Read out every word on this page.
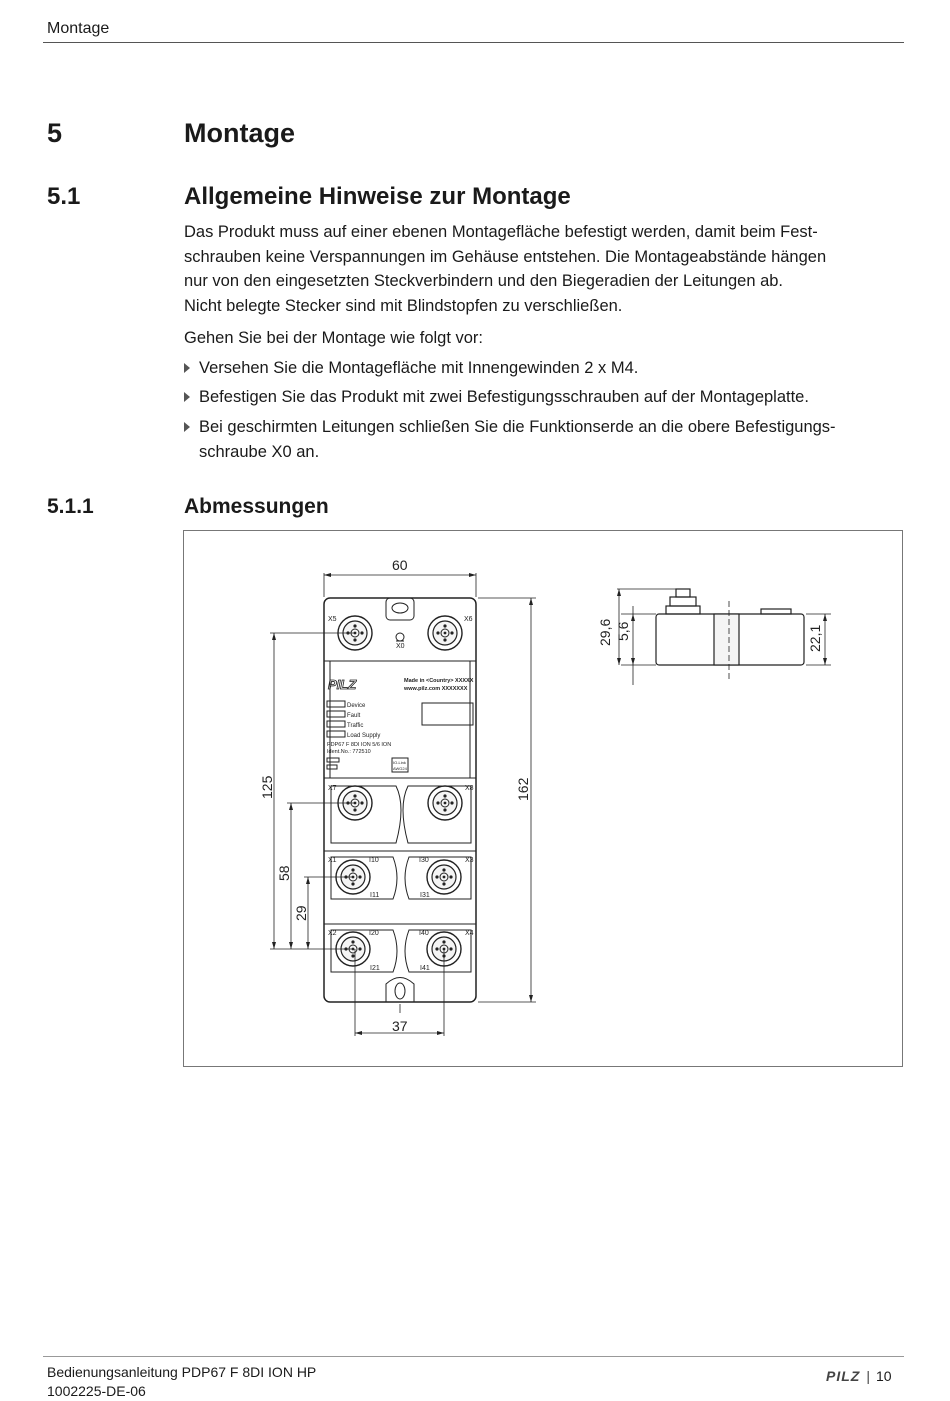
Montage
5	Montage
5.1	Allgemeine Hinweise zur Montage
Das Produkt muss auf einer ebenen Montagefläche befestigt werden, damit beim Fest-
schrauben keine Verspannungen im Gehäuse entstehen. Die Montageabstände hängen
nur von den eingesetzten Steckverbindern und den Biegeradien der Leitungen ab.
Nicht belegte Stecker sind mit Blindstopfen zu verschließen.
Gehen Sie bei der Montage wie folgt vor:
Versehen Sie die Montagefläche mit Innengewinden 2 x M4.
Befestigen Sie das Produkt mit zwei Befestigungsschrauben auf der Montageplatte.
Bei geschirmten Leitungen schließen Sie die Funktionserde an die obere Befestigungs-
schraube X0 an.
5.1.1	Abmessungen
X5	X6
X0
X7	X8
X1	I10
I11
I30	X3
I31
X2	I20
I21
I40	X4
I41
PILZ	Made in <Country> XXXXX
www.pilz.com XXXXXXX
Device
Fault
Traffic
Load Supply
PDP67 F 8DI ION 5/6 ION
Ident.No.: 772510
IO-Link
AWG24
60
37
162
125
58
29
29,6 5,6	22,1
Bedienungsanleitung PDP67 F 8DI ION HP
1002225-DE-06
PILZ | 10
